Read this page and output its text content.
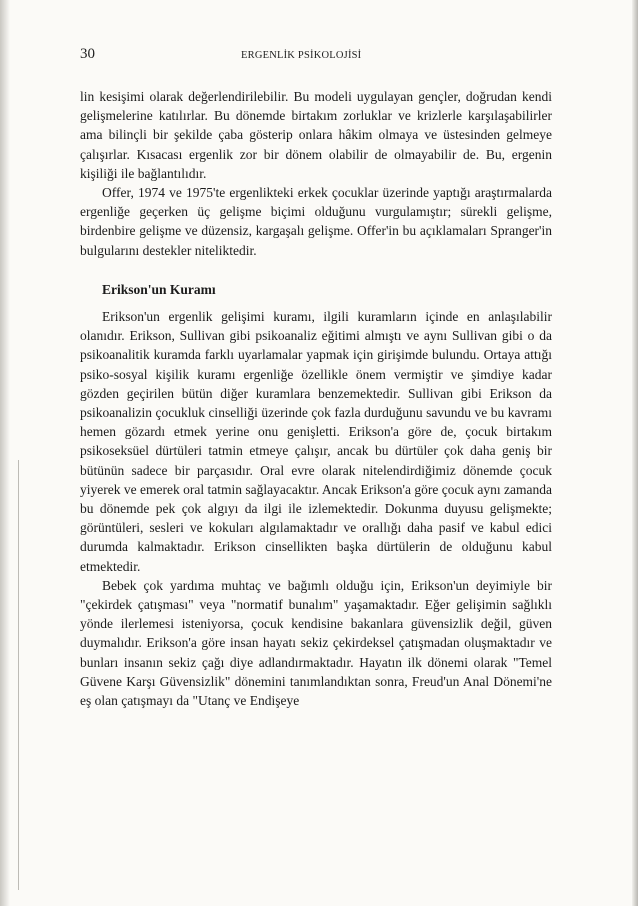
30	ERGENLİK PSİKOLOJİSİ

lin kesişimi olarak değerlendirilebilir. Bu modeli uygulayan gençler, doğrudan kendi gelişmelerine katılırlar. Bu dönemde birtakım zorluklar ve krizlerle karşılaşabilirler ama bilinçli bir şekilde çaba gösterip onlara hâkim olmaya ve üstesinden gelmeye çalışırlar. Kısacası ergenlik zor bir dönem olabilir de olmayabilir de. Bu, ergenin kişiliği ile bağlantılıdır.

Offer, 1974 ve 1975'te ergenlikteki erkek çocuklar üzerinde yaptığı araştırmalarda ergenliğe geçerken üç gelişme biçimi olduğunu vurgulamıştır; sürekli gelişme, birdenbire gelişme ve düzensiz, kargaşalı gelişme. Offer'in bu açıklamaları Spranger'in bulgularını destekler niteliktedir.

Erikson'un Kuramı

Erikson'un ergenlik gelişimi kuramı, ilgili kuramların içinde en anlaşılabilir olanıdır. Erikson, Sullivan gibi psikoanaliz eğitimi almıştı ve aynı Sullivan gibi o da psikoanalitik kuramda farklı uyarlamalar yapmak için girişimde bulundu. Ortaya attığı psiko-sosyal kişilik kuramı ergenliğe özellikle önem vermiştir ve şimdiye kadar gözden geçirilen bütün diğer kuramlara benzemektedir. Sullivan gibi Erikson da psikoanalizin çocukluk cinselliği üzerinde çok fazla durduğunu savundu ve bu kavramı hemen gözardı etmek yerine onu genişletti. Erikson'a göre de, çocuk birtakım psikoseksüel dürtüleri tatmin etmeye çalışır, ancak bu dürtüler çok daha geniş bir bütünün sadece bir parçasıdır. Oral evre olarak nitelendirdiğimiz dönemde çocuk yiyerek ve emerek oral tatmin sağlayacaktır. Ancak Erikson'a göre çocuk aynı zamanda bu dönemde pek çok algıyı da ilgi ile izlemektedir. Dokunma duyusu gelişmekte; görüntüleri, sesleri ve kokuları algılamaktadır ve orallığı daha pasif ve kabul edici durumda kalmaktadır. Erikson cinsellikten başka dürtülerin de olduğunu kabul etmektedir.

Bebek çok yardıma muhtaç ve bağımlı olduğu için, Erikson'un deyimiyle bir "çekirdek çatışması" veya "normatif bunalım" yaşamaktadır. Eğer gelişimin sağlıklı yönde ilerlemesi isteniyorsa, çocuk kendisine bakanlara güvensizlik değil, güven duymalıdır. Erikson'a göre insan hayatı sekiz çekirdeksel çatışmadan oluşmaktadır ve bunları insanın sekiz çağı diye adlandırmaktadır. Hayatın ilk dönemi olarak "Temel Güvene Karşı Güvensizlik" dönemini tanımlandıktan sonra, Freud'un Anal Dönemi'ne eş olan çatışmayı da "Utanç ve Endişeye
